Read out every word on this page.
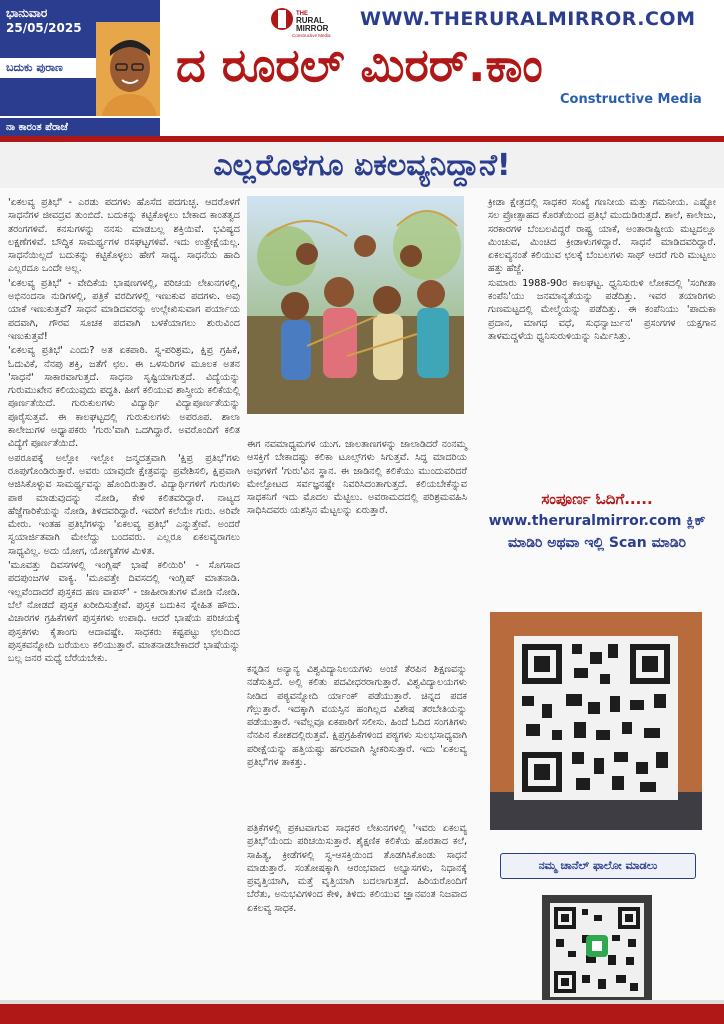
ಭಾನುವಾರ
25/05/2025
ಬದುಕು ಪುರಾಣ
ನಾ ಕಾರಂತ ಪೆರಾಜೆ
THE
RURAL
MIRROR
Constructive Media
WWW.THERURALMIRROR.COM
ದ ರೂರಲ್ ಮಿರರ್.ಕಾಂ
Constructive Media
ಎಲ್ಲರೊಳಗೂ ಏಕಲವ್ಯನಿದ್ದಾನೆ!

'ಏಕಲವ್ಯ ಪ್ರತಿಭೆ' - ಎರಡು ಪದಗಳು ಹೊಸೆದ ಪದಗುಚ್ಛ. ಆದರೊಳಗೆ ಸಾಧನೆಗಳ ಜೀವದ್ರವ ತುಂಬಿದೆ. ಬದುಕನ್ನು ಕಟ್ಟಿಕೊಳ್ಳಲು ಬೇಕಾದ ಕಾಂತತ್ವದ ತರಂಗಗಳಿವೆ. ಕನಸುಗಳನ್ನು ನನಸು ಮಾಡಬಲ್ಲ ಶಕ್ತಿಯಿವೆ. ಭವಿಷ್ಯದ ಲಕ್ಷಣೆಗಳಿವೆ. ಬೌದ್ಧಿಕ ಸಾಮರ್ಥ್ಯಗಳ ರಸಘಟ್ಟಗಳಿವೆ. ಇದು ಉತ್ಪ್ರೇಕ್ಷೆಯಲ್ಲ. ಸಾಧನೆಯಿಲ್ಲದೆ ಬದುಕನ್ನು ಕಟ್ಟಿಕೊಳ್ಳಲು ಹೇಗೆ ಸಾಧ್ಯ. ಸಾಧನೆಯ ಹಾದಿ ಎಲ್ಲರದೂ ಒಂದೇ ಅಲ್ಲ.

'ಏಕಲವ್ಯ ಪ್ರತಿಭೆ' - ವೇದಿಕೆಯ ಭಾಷಣಗಳಲ್ಲಿ, ಪರಿಚಯ ಲೇಖನಗಳಲ್ಲಿ, ಅಭಿನಂದನಾ ನುಡಿಗಳಲ್ಲಿ, ಪತ್ರಿಕೆ ವರದಿಗಳಲ್ಲಿ ಇಣುಕುವ ಪದಗಳು. ಅವು ಯಾಕೆ ಇಣುಕುತ್ತವೆ? ಸಾಧನೆ ಮಾಡಿದವರನ್ನು ಉಲ್ಲೇಖಿಸುವಾಗ ಪರ್ಯಾಯ ಪದವಾಗಿ, ಗೌರವ ಸೂಚಕ ಪದವಾಗಿ ಬಳಕೆಯಾಗಲು ಶುರುವಿಂದ ಇಣುಕುತ್ತವೆ!

'ಏಕಲವ್ಯ ಪ್ರತಿಭೆ' ಎಂದು? ಅತ ಏಕಪಾಠಿ. ಸ್ವ-ಪರಿಶ್ರಮ, ಕ್ಷಿಪ್ರ ಗ್ರಹಿಕೆ, ಓದುವಿಕೆ, ನೆನಪು ಶಕ್ತಿ, ಜತೆಗೆ ಛಲ. ಈ ಒಳಸುರಿಗಳ ಮೂಲಕ ಅತನ 'ಸಾಧನೆ' ಸಾಕಾರವಾಗುತ್ತದೆ. ಸಾಧನಾ ಸೃಷ್ಟಿಯಾಗುತ್ತದೆ. ವಿದ್ಯೆಯನ್ನು ಗುರುಮುಖೇನ ಕಲಿಯುವುದು ಪದ್ಧತಿ. ಹೀಗೆ ಕಲಿಯುವ ಶಾಸ್ತ್ರೀಯ ಕಲಿಕೆಯಲ್ಲಿ ಪೂರ್ಣತೆಯಿದೆ. ಗುರುಕುಲಗಳು ವಿದ್ಯಾರ್ಥಿ ವಿದ್ಯಾಪೂರ್ಣತೆಯನ್ನು ಪೂರೈಸುತ್ತವೆ. ಈ ಕಾಲಘಟ್ಟದಲ್ಲಿ ಗುರುಕುಲಗಳು ಅಪರೂಪ. ಶಾಲಾ ಕಾಲೇಜುಗಳ ಅಧ್ಯಾಪಕರು 'ಗುರು'ವಾಗಿ ಒದಗಿದ್ದಾರೆ. ಅವರೊಂದಿಗೆ ಕಲಿತ ವಿದ್ಯೆಗೆ ಪೂರ್ಣತೆಯಿದೆ.

ಅಪರೂಪಕ್ಕೆ ಅಲ್ಲೋ ಇಲ್ಲೋ ಜನ್ಮದತ್ತವಾಗಿ 'ಕ್ಷಿಪ್ರ ಪ್ರತಿಭೆ'ಗಳು ರೂಪುಗೊಂಡಿರುತ್ತಾರೆ. ಅವರು ಯಾವುದೇ ಕ್ಷೇತ್ರವನ್ನು ಪ್ರವೇಶಿಸಲಿ, ಕ್ಷಿಪ್ರವಾಗಿ ಆಜಿಸಿಕೊಳ್ಳುವ ಸಾಮರ್ಥ್ಯವನ್ನು ಹೊಂದಿರುತ್ತಾರೆ. ವಿದ್ಯಾರ್ಥಿಗಳಿಗೆ ಗುರುಗಳು ಪಾಠ ಮಾಡುವುದನ್ನು ನೋಡಿ, ಕೇಳಿ ಕಲಿತವರಿದ್ದಾರೆ. ನಾಟ್ಯದ ಹೆಜ್ಜೆಗಾರಿಕೆಯನ್ನು ನೋಡಿ, ತಿಳಿದವರಿದ್ದಾರೆ. ಇವರಿಗೆ ಕಲೆಯೇ ಗುರು. ಅರಿವೇ ಮೇರು. ಇಂತಹ ಪ್ರತಿಭೆಗಳನ್ನು 'ಏಕಲವ್ಯ ಪ್ರತಿಭೆ' ಎನ್ನುತ್ತೇವೆ. ಅಂದರೆ ಸ್ವಯಾರ್ಜಿತವಾಗಿ ಮೇಲೆದ್ದು ಬಂದವರು. ಎಲ್ಲರೂ ಏಕಲವ್ಯರಾಗಲು ಸಾಧ್ಯವಿಲ್ಲ. ಅದು ಯೋಗ, ಯೋಗ್ಯತೆಗಳ ಮಿಳಿತ.

'ಮೂವತ್ತು ದಿವಸಗಳಲ್ಲಿ ಇಂಗ್ಲಿಷ್ ಭಾಷೆ ಕಲಿಯಿರಿ' - ಸೊಗಸಾದ ಪದಪುಂಜಗಳ ವಾಕ್ಯ. 'ಮೂವತ್ತೇ ದಿವಸದಲ್ಲಿ ಇಂಗ್ಲಿಷ್ ಮಾತನಾಡಿ. ಇಲ್ಲವೆಂದಾದರೆ ಪುಸ್ತಕದ ಹಣ ವಾಪಸ್' - ಜಾಹೀರಾತುಗಳ ಮೋಡಿ ನೋಡಿ. ಬೆಲೆ ನೋಡದೆ ಪುಸ್ತಕ ಖರೀದಿಸುತ್ತೇವೆ. ಪುಸ್ತಕ ಬದುಕಿನ ಸ್ನೇಹಿತ ಹೌದು. ವಿಚಾರಗಳ ಗ್ರಹಿಕೆಗಳಿಗೆ ಪುಸ್ತಕಗಳು ಉಪಾಧಿ. ಆದರೆ ಭಾಷೆಯ ಪರಿಚಯಕ್ಕೆ ಪುಸ್ತಕಗಳು ಕೈತಾಂಗು ಆದಾವಷ್ಟೇ. ಸಾಧಕರು ಕಷ್ಟಪಟ್ಟು ಛಲದಿಂದ ಪುಸ್ತಕವನ್ನೋದಿ ಬರೆಯಲು ಕಲಿಯುತ್ತಾರೆ. ಮಾತನಾಡಬೇಕಾದರೆ ಭಾಷೆಯನ್ನು ಬಲ್ಲ ಜನರ ಮಧ್ಯೆ ಬೆರೆಯಬೇಕು.

ಈಗ ನವಮಾಧ್ಯಮಗಳ ಯುಗ. ಜಾಲತಾಣಗಳನ್ನು ಜಾಲಾಡಿದರೆ ನಂನಮ್ಮ ಆಸಕ್ತಿಗೆ ಬೇಕಾದಷ್ಟು ಕಲಿಕಾ ಟೂಲ್ಸ್‌ಗಳು ಸಿಗುತ್ತವೆ. ಸಿದ್ಧ ಮಾದರಿಯ ಅವುಗಳಿಗೆ 'ಗುರು'ವಿನ ಸ್ಥಾನ. ಈ ಜಾಡಿನಲ್ಲಿ ಕಲಿಕೆಯು ಮುಂದುವರಿದರೆ ಮೇಲ್ಪೋಟದ ಸರ್ವಜ್ಞನಷ್ಟೇ ನಿವರಿಸಿದಂತಾಗುತ್ತದೆ. ಕಲಿಯಬೇಕೆನ್ನುವ ಸಾಧಕನಿಗೆ ಇದು ಮೊದಲ ಮೆಟ್ಟಿಲು. ಅವರಾಮದದಲ್ಲಿ ಪರಿಶ್ರಮವಹಿಸಿ ಸಾಧಿಸಿದವರು ಯಶಸ್ಸಿನ ಮೆಟ್ಟಲನ್ನು ಏರುತ್ತಾರೆ.

ಕನ್ನಡಿನ ಅನ್ಯಾನ್ಯ ವಿಶ್ವವಿದ್ಯಾನಿಲಯಗಳು ಅಂಚೆ ತೆರಪಿನ ಶಿಕ್ಷಣವನ್ನು ನಡೆಸುತ್ತಿದೆ. ಅಲ್ಲಿ ಕಲಿತು ಪದವೀಧರರಾಗುತ್ತಾರೆ. ವಿಶ್ವವಿದ್ಯಾಲಯಗಳು ನೀಡಿದ ಪಠ್ಯವನ್ನೋದಿ ರ್ಯಾಂಕ್ ಪಡೆಯುತ್ತಾರೆ. ಚಿನ್ನದ ಪದಕ ಗೆಲ್ಲುತ್ತಾರೆ. ಇದಕ್ಕಾಗಿ ವಯಸ್ಸಿನ ಹಂಗಿಲ್ಲದ ವಿಶೇಷ ತರಬೇತಿಯನ್ನು ಪಡೆಯುತ್ತಾರೆ. ಇವೆಲ್ಲವೂ ಏಕಪಾಠಿಗೆ ಸಲೀಸು. ಹಿಂದೆ ಓದಿದ ಸಂಗತಿಗಳು ನೆನಪಿನ ಕೋಶದಲ್ಲಿರುತ್ತವೆ. ಕ್ಷಿಪ್ರಗ್ರಹಿಕೆಗಳಿಂದ ಪಠ್ಯಗಳು ಸುಲಭಸಾಧ್ಯವಾಗಿ ಪರೀಕ್ಷೆಯನ್ನು ಹತ್ತಿಯಷ್ಟು ಹಗುರವಾಗಿ ಸ್ವೀಕರಿಸುತ್ತಾರೆ. ಇದು 'ಏಕಲವ್ಯ ಪ್ರತಿಭೆ'ಗಳ ತಾಕತ್ತು.

ಪತ್ರಿಕೆಗಳಲ್ಲಿ ಪ್ರಕಟವಾಗುವ ಸಾಧಕರ ಲೇಖನಗಳಲ್ಲಿ 'ಇವರು ಏಕಲವ್ಯ ಪ್ರತಿಭೆ'ಯೆಂದು ಪರಿಚಯಿಸುತ್ತಾರೆ. ಶೈಕ್ಷಣಿಕ ಕಲಿಕೆಯ ಹೊರತಾದ ಕಲೆ, ಸಾಹಿತ್ಯ, ಕ್ರೀಡೆಗಳಲ್ಲಿ ಸ್ವ-ಆಸಕ್ತಿಯಿಂದ ತೊಡಗಿಸಿಕೊಂಡು ಸಾಧನೆ ಮಾಡುತ್ತಾರೆ. ಸಂತೋಷಕ್ಕಾಗಿ ಆರಂಭವಾದ ಅಭ್ಯಾಸಗಳು, ನಿಧಾನಕ್ಕೆ ಪ್ರವೃತ್ತಿಯಾಗಿ, ಮತ್ತೆ ವೃತ್ತಿಯಾಗಿ ಬದಲಾಗುತ್ತದೆ. ಹಿರಿಯರೊಂದಿಗೆ ಬೆರೆತು, ಅನುಭವಿಗಳಿಂದ ಕೇಳಿ, ತಿಳಿದು ಕಲಿಯುವ ಜ್ಞಾನವಂತ ನಿಜವಾದ ಏಕಲವ್ಯ ಸಾಧಕ.

ಕ್ರೀಡಾ ಕ್ಷೇತ್ರದಲ್ಲಿ ಸಾಧಕರ ಸಂಖ್ಯೆ ಗಣನೀಯ ಮತ್ತು ಗಮನೀಯ. ಎಷ್ಟೋ ಸಲ ಪ್ರೋತ್ಸಾಹದ ಕೊರತೆಯಿಂದ ಪ್ರತಿಭೆ ಮುದುಡಿರುತ್ತದೆ. ಶಾಲೆ, ಕಾಲೇಜು, ಸರಕಾರಗಳ ಬೆಂಬಲವಿದ್ದರೆ ರಾಷ್ಟ್ರ ಯಾಕೆ, ಅಂತಾರಾಷ್ಟ್ರೀಯ ಮಟ್ಟದಲ್ಲೂ ಮಿಂಚುವ, ಮಿಂಚಿದ ಕ್ರೀಡಾಳುಗಳಿದ್ದಾರೆ. ಸಾಧನೆ ಮಾಡಿದವರಿದ್ದಾರೆ. ಏಕಲವ್ಯನಂತೆ ಕಲಿಯುವ ಛಲಕ್ಕೆ ಬೆಂಬಲಗಳು ಸಾಥ್ ಆದರೆ ಗುರಿ ಮುಟ್ಟಲು ಹತ್ತು ಹೆಜ್ಜೆ.

ಸುಮಾರು 1988-90ರ ಕಾಲಘಟ್ಟ. ಧ್ವನಿಸುರುಳಿ ಲೋಕದಲ್ಲಿ 'ಸಂಗೀತಾ ಕಂಪೆನಿ'ಯು ಜನಮಾನ್ಯತೆಯನ್ನು ಪಡೆದಿತ್ತು. ಇವರ ತಯಾರಿಗಳು ಗುಣಮಟ್ಟದಲ್ಲಿ ಮೇಲ್ಮೆಯನ್ನು ಪಡೆದಿತ್ತು. ಈ ಕಂಪೆನಿಯು 'ಪಾದುಕಾ ಪ್ರದಾನ, ಮಾಗಧ ವಧೆ, ಸುಧನ್ವಾರ್ಜುನ' ಪ್ರಸಂಗಗಳ ಯಕ್ಷಗಾನ ತಾಳಮದ್ದಳೆಯ ಧ್ವನಿಸುರುಳಿಯನ್ನು ನಿರ್ಮಿಸಿತ್ತು.

ಸಂಪೂರ್ಣ ಓದಿಗೆ.....
www.theruralmirror.com ಕ್ಲಿಕ್ ಮಾಡಿರಿ ಅಥವಾ ಇಲ್ಲಿ Scan ಮಾಡಿರಿ
ನಮ್ಮ ಚಾನೆಲ್ ಫಾಲೋ ಮಾಡಲು
